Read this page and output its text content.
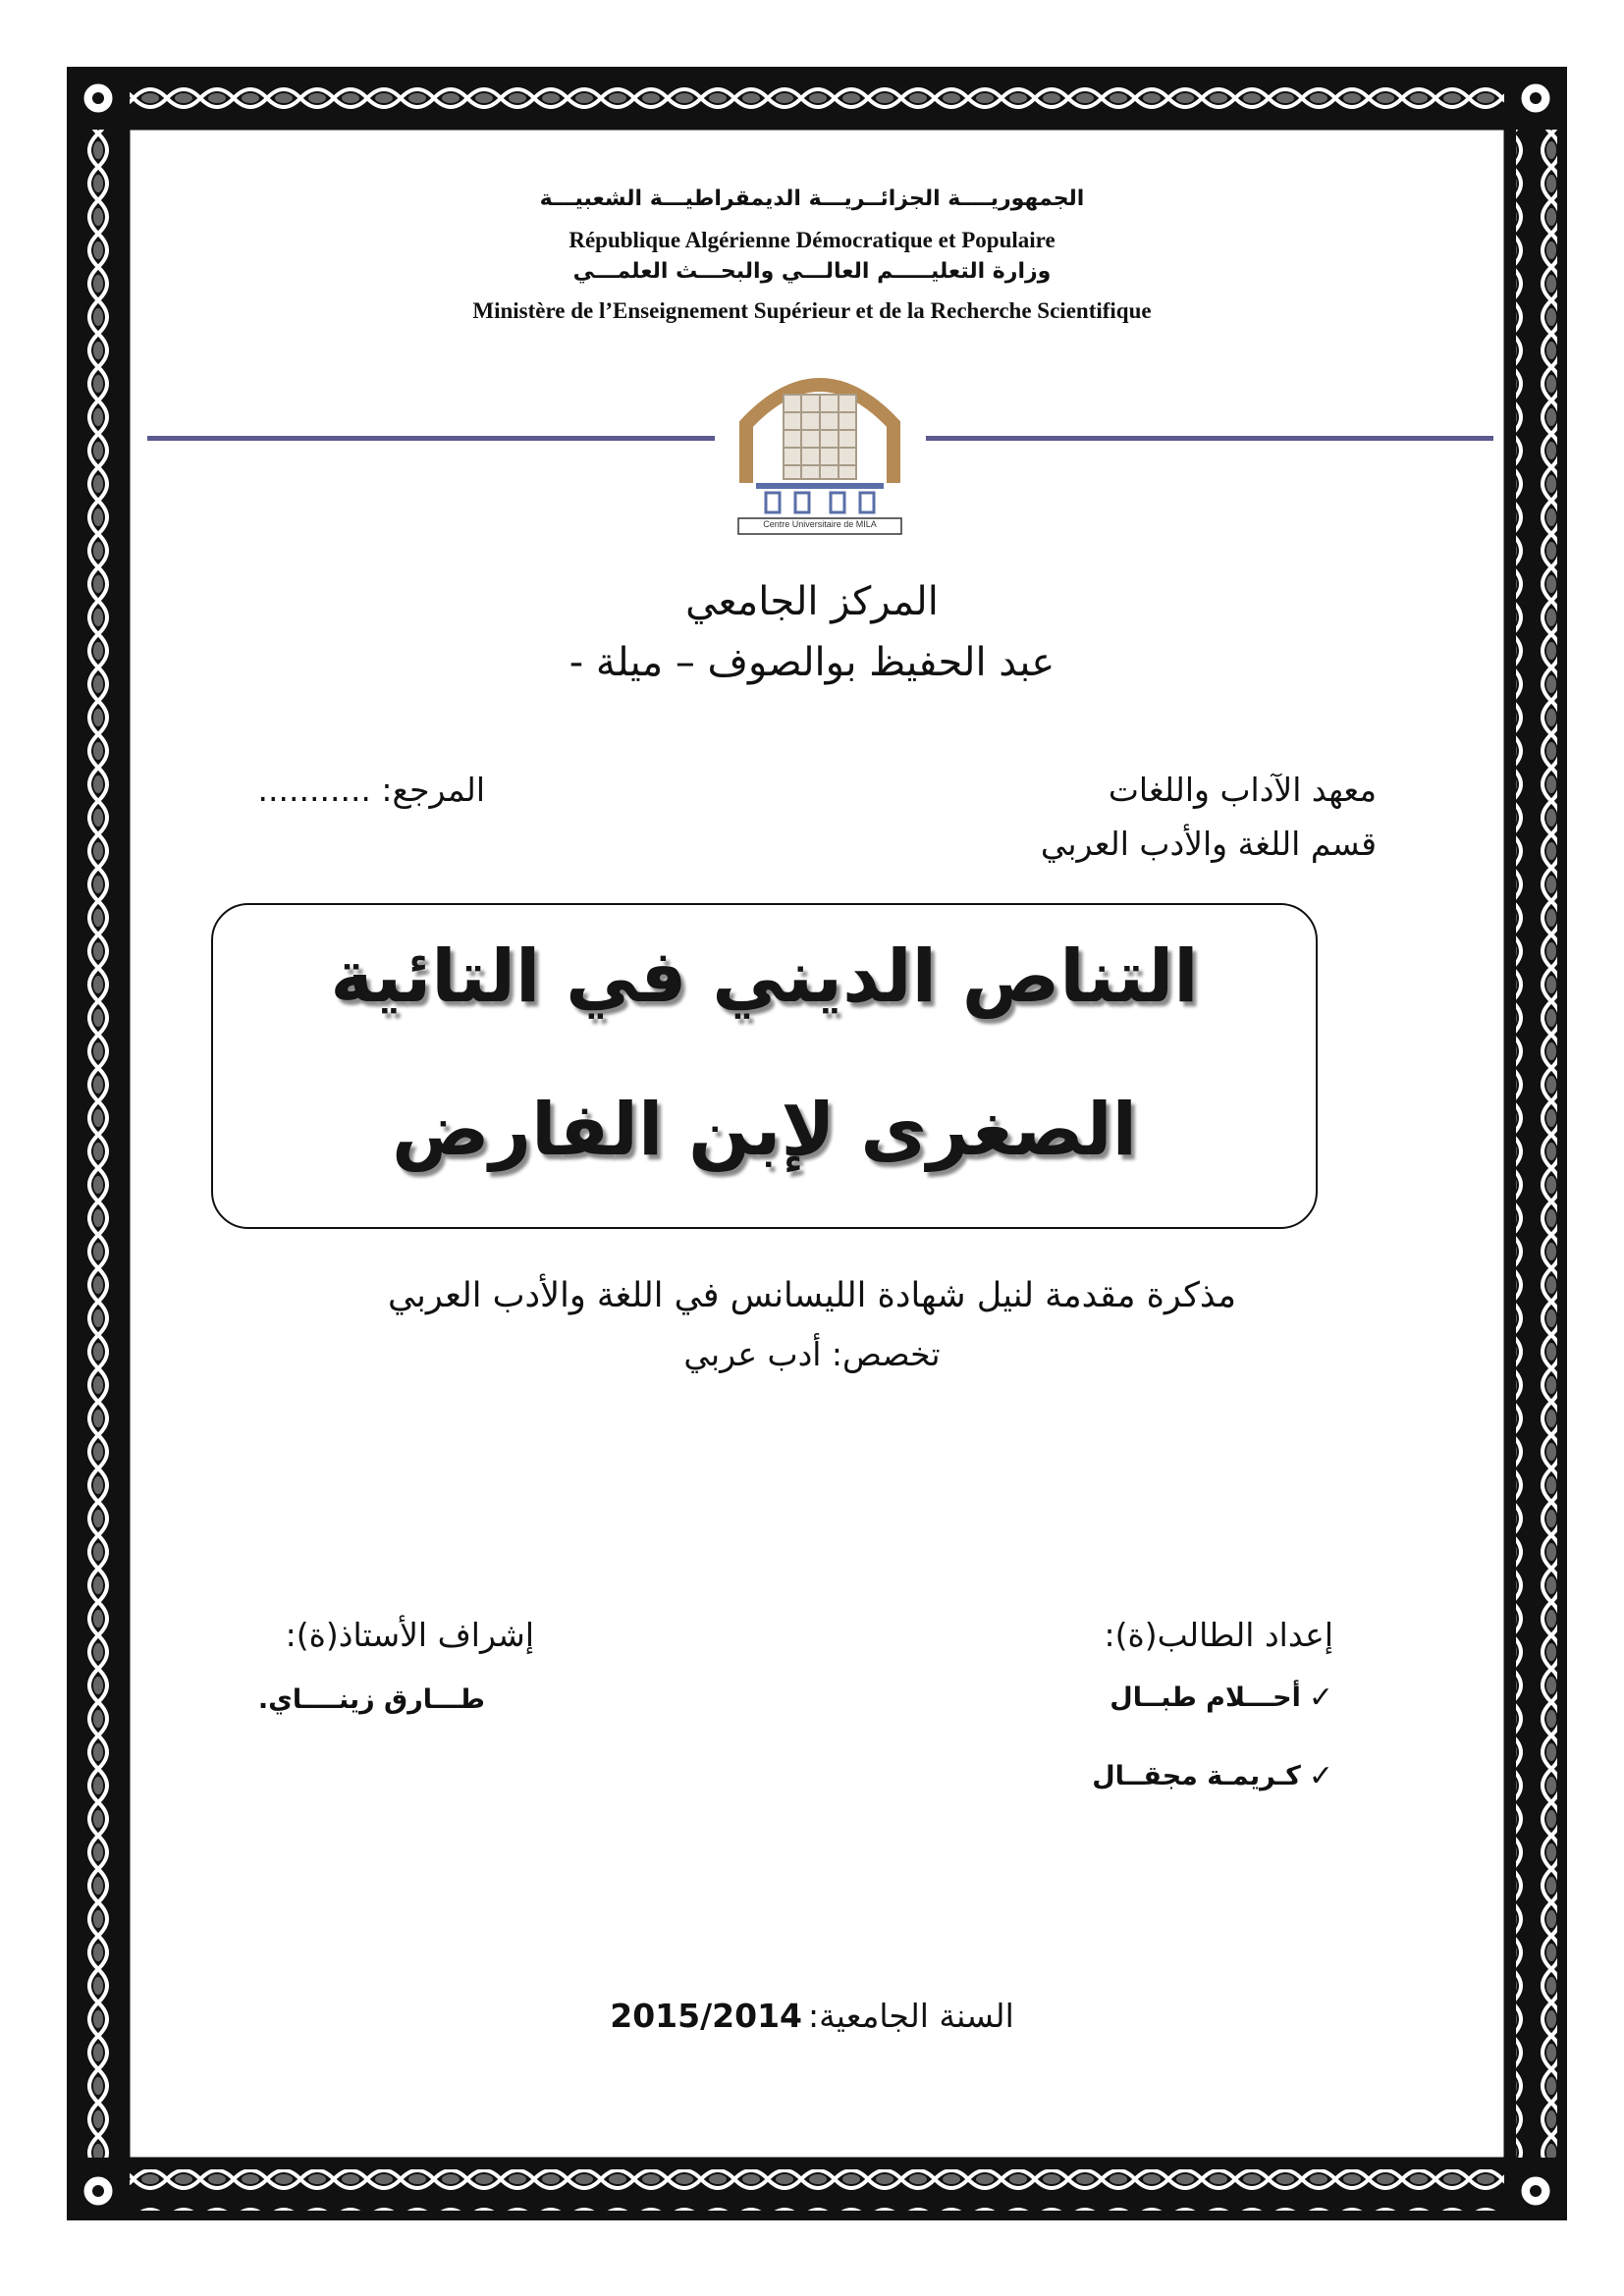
الجمهوريــــة الجزائــريـــة الديمقراطيـــة الشعبيـــة
République Algérienne Démocratique et Populaire
وزارة التعليـــــم العالـــي والبحـــث العلمـــي
Ministère de l’Enseignement Supérieur et de la Recherche Scientifique
Centre Universitaire de MILA
المركز الجامعي
عبد الحفيظ بوالصوف – ميلة -
معهد الآداب واللغات
قسم اللغة والأدب العربي
المرجع: ...........
التناص الديني في التائية
الصغرى لإبن الفارض
مذكرة مقدمة لنيل شهادة الليسانس في اللغة والأدب العربي
تخصص: أدب عربي
إعداد الطالب(ة):
✓
أحـــلام طبــال
✓
كـريمـة مجقــال
إشراف الأستاذ(ة):
طـــارق زينــــاي.
السنة الجامعية:
2015/2014
